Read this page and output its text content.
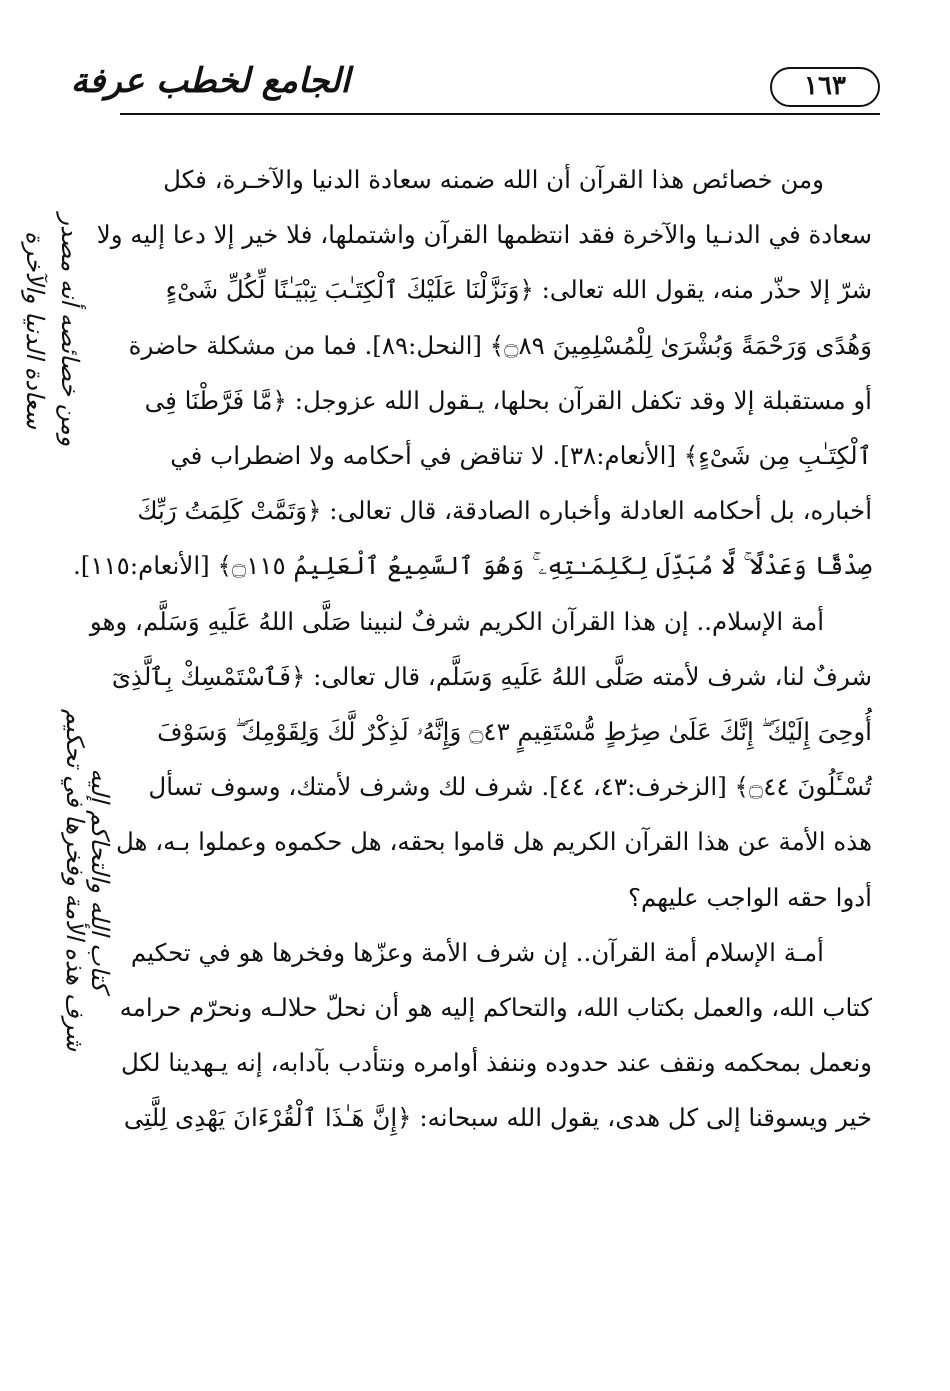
الجامع لخطب عرفة	١٦٣
ومن خصائصه أنه مصدر
سعادة الدنيا والآخرة
شرف هذه الأمة وفخرها في تحكيم
كتاب الله والتحاكم إليه

ومن خصائص هذا القرآن أن الله ضمنه سعادة الدنيا والآخـرة، فكل
سعادة في الدنـيا والآخرة فقد انتظمها القرآن واشتملها، فلا خير إلا دعا إليه ولا
شرّ إلا حذّر منه، يقول الله تعالى: ﴿وَنَزَّلْنَا عَلَيْكَ ٱلْكِتَـٰبَ تِبْيَـٰنًا لِّكُلِّ شَىْءٍ
وَهُدًى وَرَحْمَةً وَبُشْرَىٰ لِلْمُسْلِمِينَ ۝٨٩﴾ [النحل:٨٩]. فما من مشكلة حاضرة
أو مستقبلة إلا وقد تكفل القرآن بحلها، يـقول الله عزوجل: ﴿مَّا فَرَّطْنَا فِى
ٱلْكِتَـٰبِ مِن شَىْءٍ﴾ [الأنعام:٣٨]. لا تناقض في أحكامه ولا اضطراب في
أخباره، بل أحكامه العادلة وأخباره الصادقة، قال تعالى: ﴿وَتَمَّتْ كَلِمَتُ رَبِّكَ
صِدْقًا وَعَدْلًا ۚ لَّا مُبَدِّلَ لِكَلِمَـٰتِهِۦ ۚ وَهُوَ ٱلسَّمِيعُ ٱلْعَلِيمُ ۝١١٥﴾ [الأنعام:١١٥].

أمة الإسلام.. إن هذا القرآن الكريم شرفٌ لنبينا صَلَّى اللهُ عَلَيهِ وَسَلَّم، وهو
شرفٌ لنا، شرف لأمته صَلَّى اللهُ عَلَيهِ وَسَلَّم، قال تعالى: ﴿فَٱسْتَمْسِكْ بِٱلَّذِىٓ
أُوحِىَ إِلَيْكَ ۖ إِنَّكَ عَلَىٰ صِرَٰطٍ مُّسْتَقِيمٍ ۝٤٣ وَإِنَّهُۥ لَذِكْرٌ لَّكَ وَلِقَوْمِكَ ۖ وَسَوْفَ
تُسْـَٔلُونَ ۝٤٤﴾ [الزخرف:٤٣، ٤٤]. شرف لك وشرف لأمتك، وسوف تسأل
هذه الأمة عن هذا القرآن الكريم هل قاموا بحقه، هل حكموه وعملوا بـه، هل
أدوا حقه الواجب عليهم؟

أمـة الإسلام أمة القرآن.. إن شرف الأمة وعزّها وفخرها هو في تحكيم
كتاب الله، والعمل بكتاب الله، والتحاكم إليه هو أن نحلّ حلالـه ونحرّم حرامه
ونعمل بمحكمه ونقف عند حدوده وننفذ أوامره ونتأدب بآدابه، إنه يـهدينا لكل
خير ويسوقنا إلى كل هدى، يقول الله سبحانه: ﴿إِنَّ هَـٰذَا ٱلْقُرْءَانَ يَهْدِى لِلَّتِى
